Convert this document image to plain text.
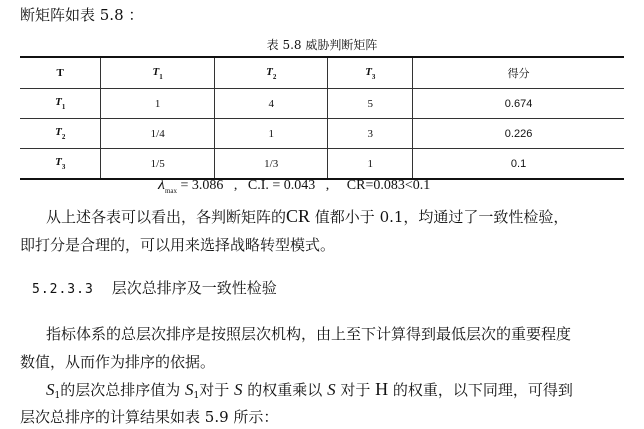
断矩阵如表 5.8 ：
表 5.8 威胁判断矩阵
T	$T_1$	$T_2$	$T_3$	得分
$T_1$	1	4	5	0.674
$T_2$	1/4	1	3	0.226
$T_3$	1/5	1/3	1	0.1
$\lambda_{max} = 3.086$   ,   C.I. = 0.043   ,     CR=0.083<0.1
从上述各表可以看出，各判断矩阵的CR 值都小于 0.1，均通过了一致性检验，
即打分是合理的，可以用来选择战略转型模式。
5.2.3.3 层次总排序及一致性检验
指标体系的总层次排序是按照层次机构，由上至下计算得到最低层次的重要程度
数值，从而作为排序的依据。
$S_1$的层次总排序值为 $S_1$对于 S 的权重乘以 S 对于 H 的权重，以下同理，可得到
层次总排序的计算结果如表 5.9 所示：
